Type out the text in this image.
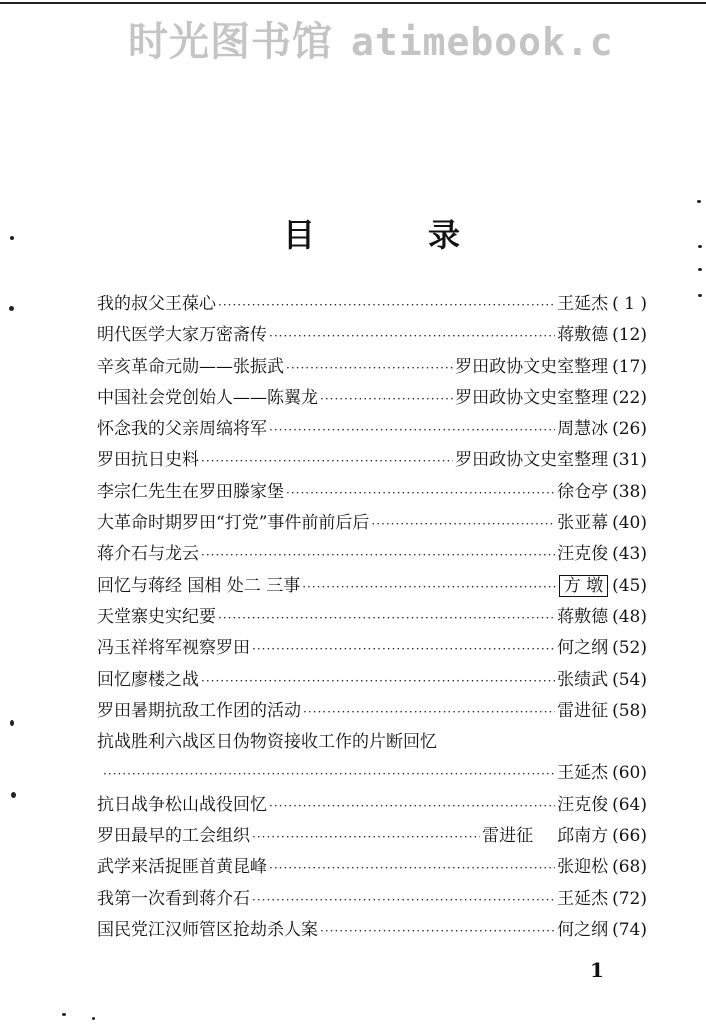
时光图书馆 atimebook.c
目	录
我的叔父王葆心 ·····	王延杰 ( 1 )
明代医学大家万密斋传 ·····	蒋敷德 (12)
辛亥革命元勋——张振武 ·····	罗田政协文史室整理 (17)
中国社会党创始人——陈翼龙 ·····	罗田政协文史室整理 (22)
怀念我的父亲周缟将军 ·····	周慧冰 (26)
罗田抗日史料 ·····	罗田政协文史室整理 (31)
李宗仁先生在罗田滕家堡 ·····	徐仓亭 (38)
大革命时期罗田“打党”事件前前后后 ·····	张亚幕 (40)
蒋介石与龙云 ·····	汪克俊 (43)
回忆与蒋经 国相 处二 三事 ·····	方 墩 (45)
天堂寨史实纪要 ·····	蒋敷德 (48)
冯玉祥将军视察罗田 ·····	何之纲 (52)
回忆廖楼之战 ·····	张绩武 (54)
罗田暑期抗敌工作团的活动 ·····	雷进征 (58)
抗战胜利六战区日伪物资接收工作的片断回忆
·····
王延杰 (60)
抗日战争松山战役回忆 ·····	汪克俊 (64)
罗田最早的工会组织 ·····	雷进征 邱南方 (66)
武学来活捉匪首黄昆峰 ·····	张迎松 (68)
我第一次看到蒋介石 ·····	王延杰 (72)
国民党江汉师管区抢劫杀人案 ·····	何之纲 (74)
1
